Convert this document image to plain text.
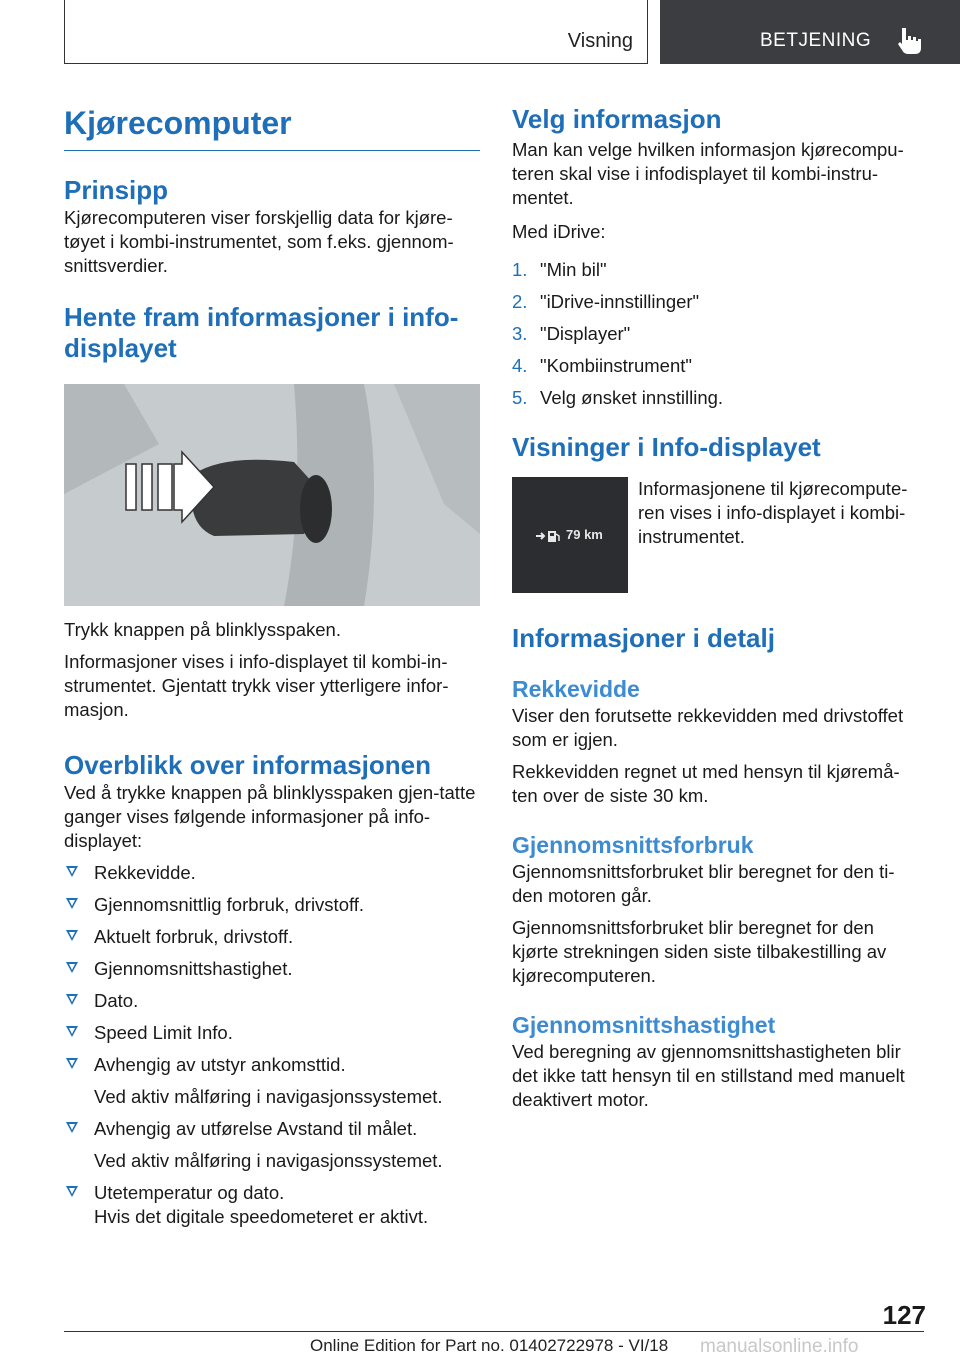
Visning	BETJENING
Kjørecomputer
Prinsipp

Kjørecomputeren viser forskjellig data for kjøre-tøyet i kombi-instrumentet, som f.eks. gjennom-snittsverdier.

Hente fram informasjoner i info-displayet

Trykk knappen på blinklysspaken.

Informasjoner vises i info-displayet til kombi-in-strumentet. Gjentatt trykk viser ytterligere infor-masjon.

Overblikk over informasjonen

Ved å trykke knappen på blinklysspaken gjen-tatte ganger vises følgende informasjoner på info-displayet:

Rekkevidde.
Gjennomsnittlig forbruk, drivstoff.
Aktuelt forbruk, drivstoff.
Gjennomsnittshastighet.
Dato.
Speed Limit Info.
Avhengig av utstyr ankomsttid.
Ved aktiv målføring i navigasjonssystemet.
Avhengig av utførelse Avstand til målet.
Ved aktiv målføring i navigasjonssystemet.
Utetemperatur og dato.
Hvis det digitale speedometeret er aktivt.
Velg informasjon

Man kan velge hvilken informasjon kjørecompu-teren skal vise i infodisplayet til kombi-instru-mentet.

Med iDrive:

1. "Min bil"
2. "iDrive-innstillinger"
3. "Displayer"
4. "Kombiinstrument"
5. Velg ønsket innstilling.
Visninger i Info-displayet
79 km

Informasjonene til kjørecompute-ren vises i info-displayet i kombi-instrumentet.

Informasjoner i detalj
Rekkevidde

Viser den forutsette rekkevidden med drivstoffet som er igjen.

Rekkevidden regnet ut med hensyn til kjøremå-ten over de siste 30 km.

Gjennomsnittsforbruk

Gjennomsnittsforbruket blir beregnet for den ti-den motoren går.

Gjennomsnittsforbruket blir beregnet for den kjørte strekningen siden siste tilbakestilling av kjørecomputeren.

Gjennomsnittshastighet

Ved beregning av gjennomsnittshastigheten blir det ikke tatt hensyn til en stillstand med manuelt deaktivert motor.

127
Online Edition for Part no. 01402722978 - VI/18 manualsonline.info
